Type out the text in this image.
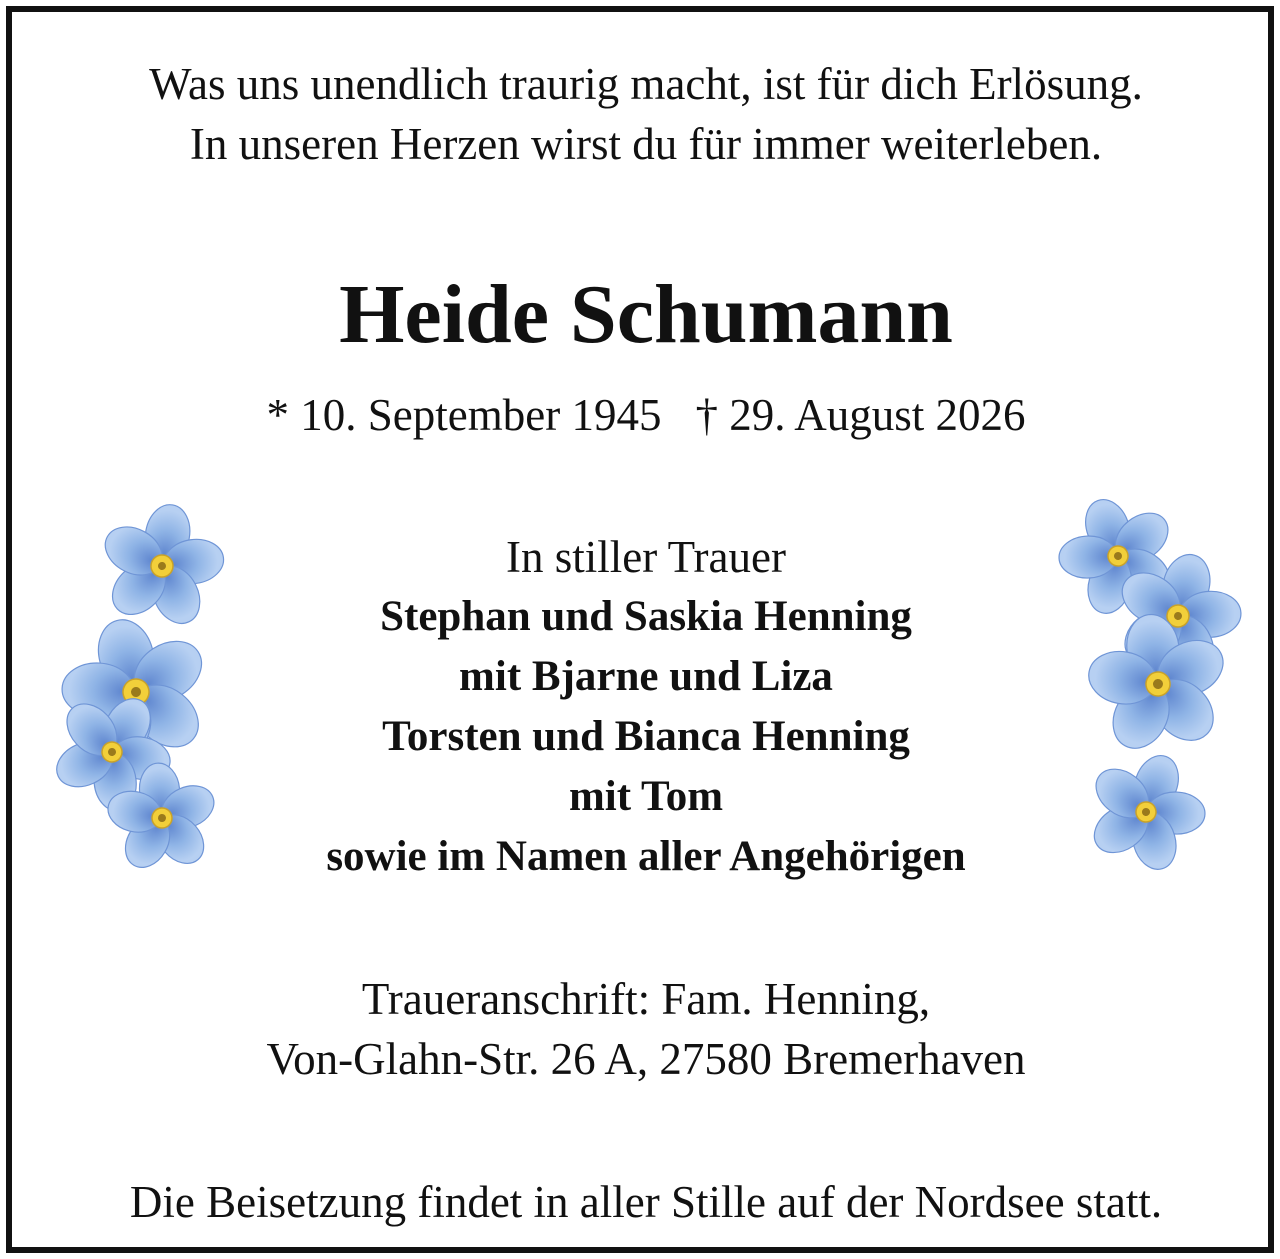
Was uns unendlich traurig macht, ist für dich Erlösung.
In unseren Herzen wirst du für immer weiterleben.
Heide Schumann
* 10. September 1945 † 29. August 2026
In stiller Trauer
Stephan und Saskia Henning
mit Bjarne und Liza
Torsten und Bianca Henning
mit Tom
sowie im Namen aller Angehörigen
Traueranschrift: Fam. Henning,
Von-Glahn-Str. 26 A, 27580 Bremerhaven
Die Beisetzung findet in aller Stille auf der Nordsee statt.
